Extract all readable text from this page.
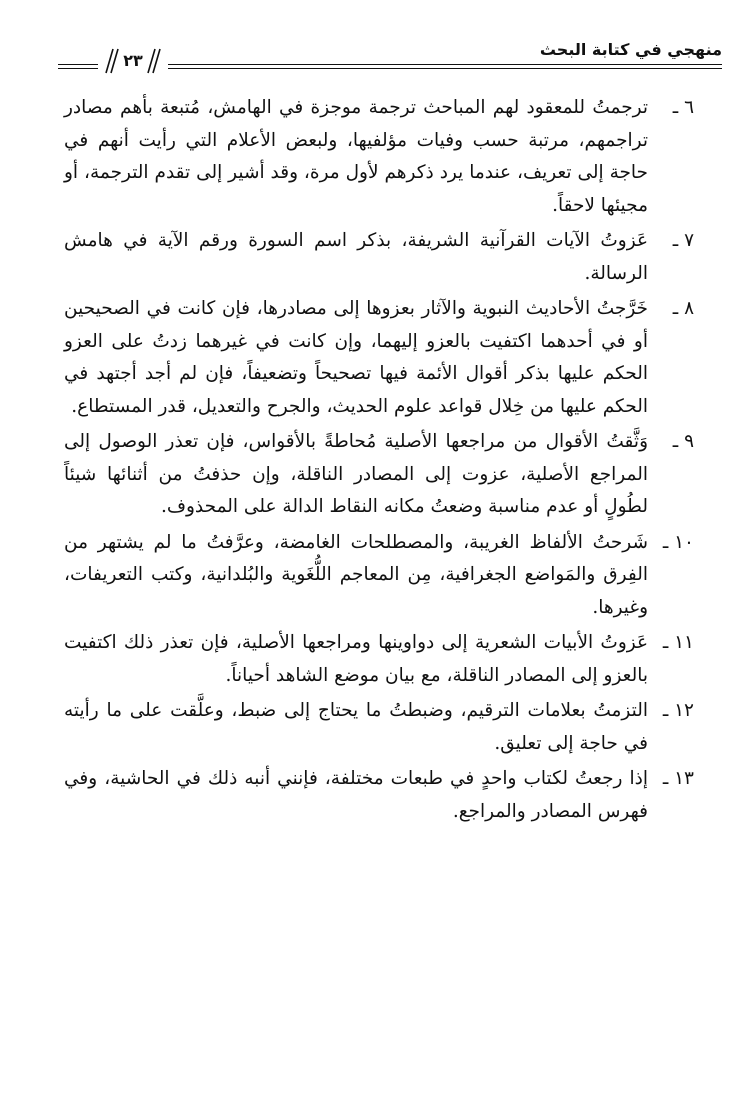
منهجي في كتابة البحث
٢٣
٦ ـ
ترجمتُ للمعقود لهم المباحث ترجمة موجزة في الهامش، مُتبعة بأهم مصادر تراجمهم، مرتبة حسب وفيات مؤلفيها، ولبعض الأعلام التي رأيت أنهم في حاجة إلى تعريف، عندما يرد ذكرهم لأول مرة، وقد أشير إلى تقدم الترجمة، أو مجيئها لاحقاً.
٧ ـ
عَزوتُ الآيات القرآنية الشريفة، بذكر اسم السورة ورقم الآية في هامش الرسالة.
٨ ـ
خَرَّجتُ الأحاديث النبوية والآثار بعزوها إلى مصادرها، فإن كانت في الصحيحين أو في أحدهما اكتفيت بالعزو إليهما، وإن كانت في غيرهما زدتُ على العزو الحكم عليها بذكر أقوال الأئمة فيها تصحيحاً وتضعيفاً، فإن لم أجد أجتهد في الحكم عليها من خِلال قواعد علوم الحديث، والجرح والتعديل، قدر المستطاع.
٩ ـ
وَثَّقتُ الأقوال من مراجعها الأصلية مُحاطةً بالأقواس، فإن تعذر الوصول إلى المراجع الأصلية، عزوت إلى المصادر الناقلة، وإن حذفتُ من أثنائها شيئاً لطُولٍ أو عدم مناسبة وضعتُ مكانه النقاط الدالة على المحذوف.
١٠ ـ
شَرحتُ الألفاظ الغريبة، والمصطلحات الغامضة، وعرَّفتُ ما لم يشتهر من الفِرق والمَواضع الجغرافية، مِن المعاجم اللُّغَوية والبُلدانية، وكتب التعريفات، وغيرها.
١١ ـ
عَزوتُ الأبيات الشعرية إلى دواوينها ومراجعها الأصلية، فإن تعذر ذلك اكتفيت بالعزو إلى المصادر الناقلة، مع بيان موضع الشاهد أحياناً.
١٢ ـ
التزمتُ بعلامات الترقيم، وضبطتُ ما يحتاج إلى ضبط، وعلَّقت على ما رأيته في حاجة إلى تعليق.
١٣ ـ
إذا رجعتُ لكتاب واحدٍ في طبعات مختلفة، فإنني أنبه ذلك في الحاشية، وفي فهرس المصادر والمراجع.
